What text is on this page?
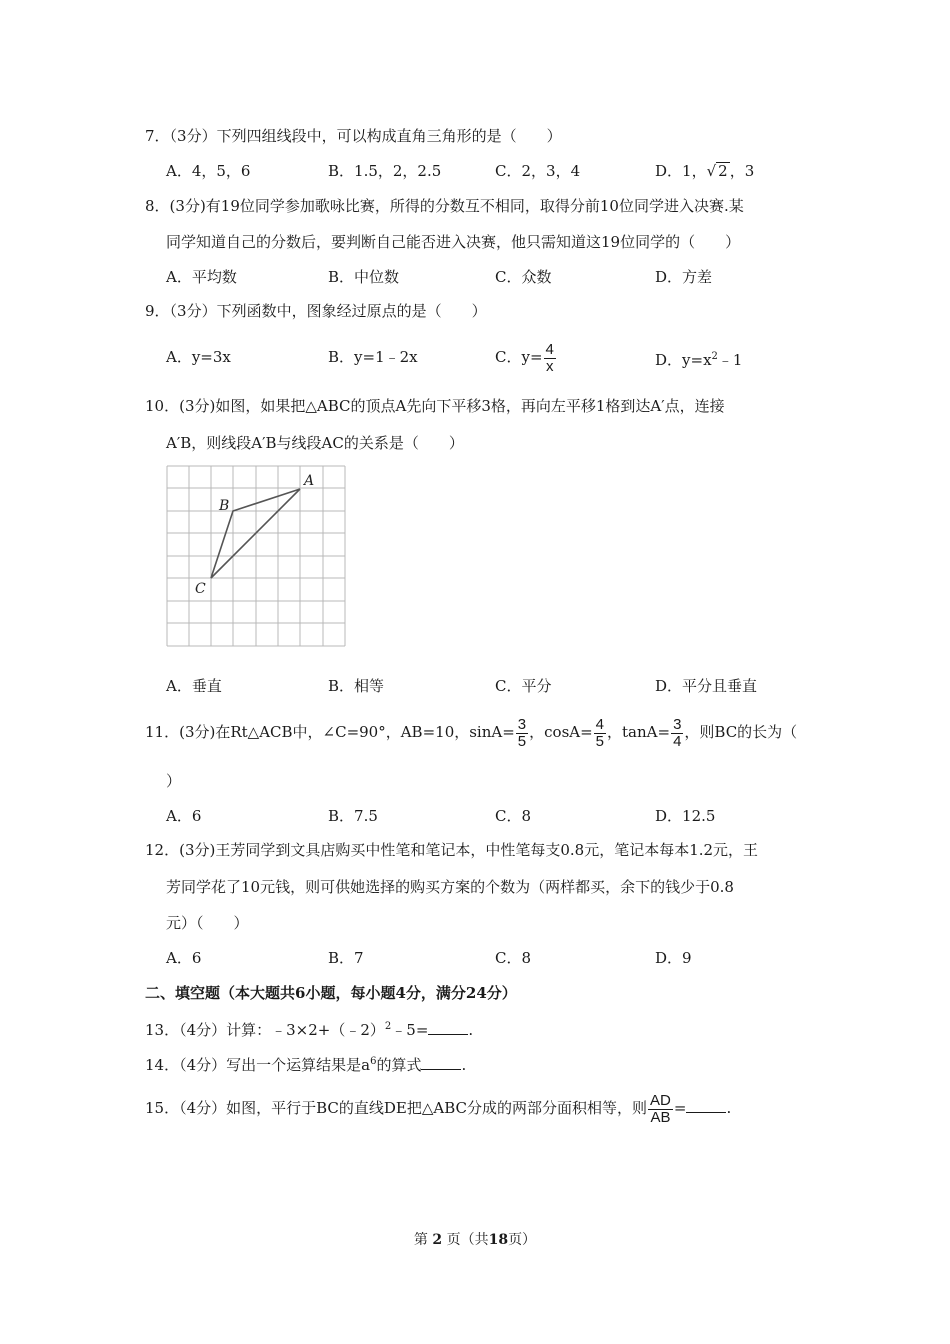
7．（3分）下列四组线段中，可以构成直角三角形的是（　　）
A．4，5，6	B．1.5，2，2.5	C．2，3，4	D．1，√ 2 ，3
8．(3分)有19位同学参加歌咏比赛，所得的分数互不相同，取得分前10位同学进入决赛.某
同学知道自己的分数后，要判断自己能否进入决赛，他只需知道这19位同学的（　　）
A．平均数	B．中位数	C．众数	D．方差
9．（3分）下列函数中，图象经过原点的是（　　）
A．y=3x	B．y=1﹣2x	C．$y= \frac{4}{x}$	D．$y=x^2﹣1$
10．(3分)如图，如果把△ABC的顶点A先向下平移3格，再向左平移1格到达A′点，连接
A′B，则线段A′B与线段AC的关系是（　　）
A
B
C
A．垂直	B．相等	C．平分	D．平分且垂直
11．(3分)在Rt△ACB中，∠C=90°，AB=10，$\sin A= \frac{3}{5}$ ，$\cos A= \frac{4}{5}$ ，$\tan A= \frac{3}{4}$ ，则BC的长为（
）
A．6	B．7.5	C．8	D．12.5
12．(3分)王芳同学到文具店购买中性笔和笔记本，中性笔每支0.8元，笔记本每本1.2元，王
芳同学花了10元钱，则可供她选择的购买方案的个数为（两样都买，余下的钱少于0.8
元）（　　）
A．6	B．7	C．8	D．9
二、填空题（本大题共6小题，每小题4分，满分24分）
13．（4分）计算：﹣3×2+（﹣2）$^2$﹣5=	.
14．（4分）写出一个运算结果是$a^6$的算式	.
15．（4分）如图，平行于BC的直线DE把△ABC分成的两部分面积相等，则 $\frac{AD}{AB}$ =	.
第 2 页（共18页）
